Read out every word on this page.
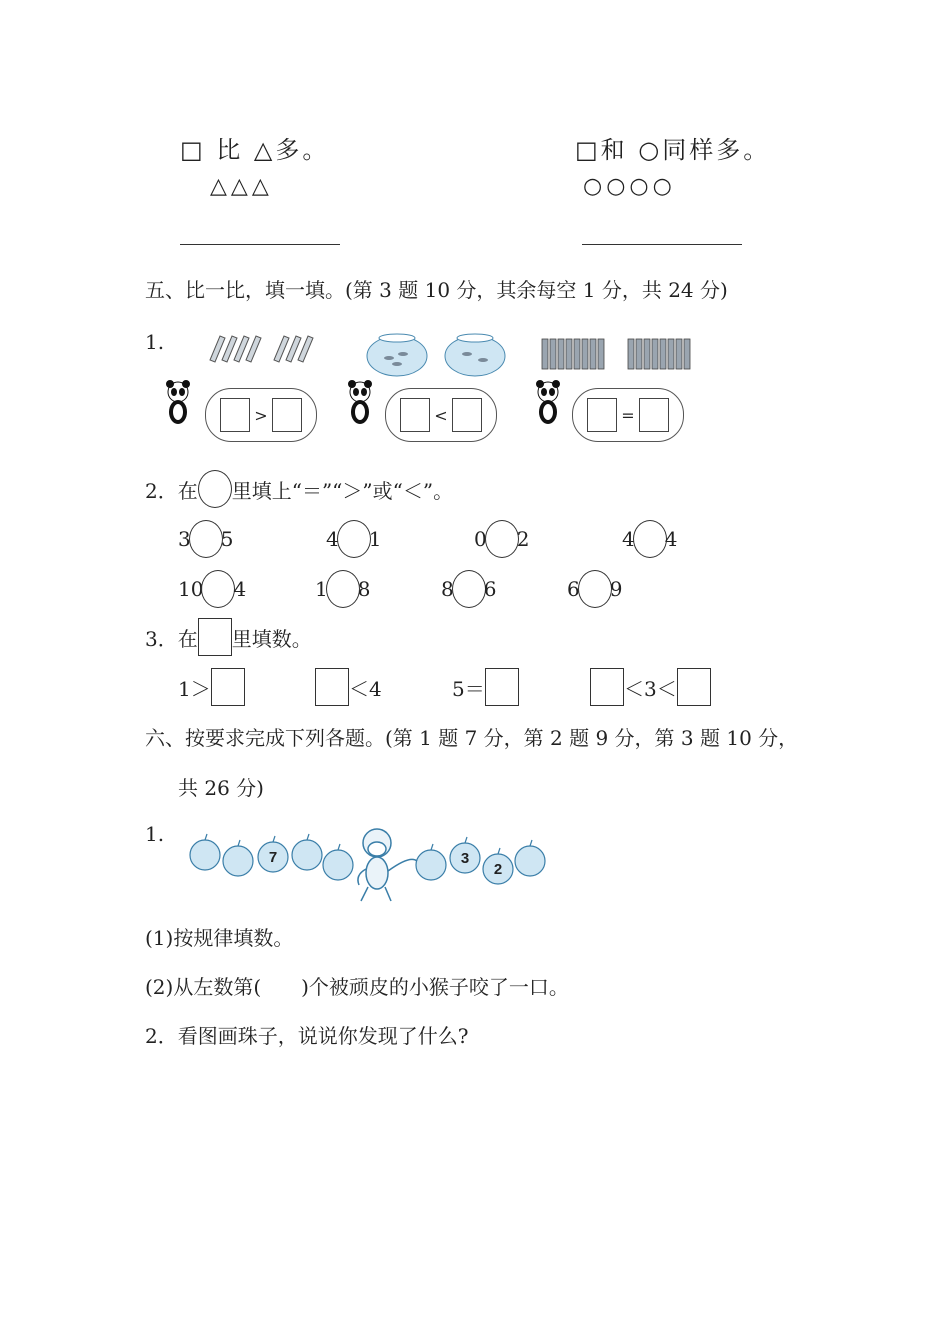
□ 比 △多。
△△△
□和 ○同样多。
○○○○
五、比一比，填一填。(第 3 题 10 分，其余每空 1 分，共 24 分)
1.
>	<	=
2．在 里填上“＝”“＞”或“＜”。
3 5	4 1	0 2	4 4
10 4	1 8	8 6	6 9
3．在 里填数。
1＞	＜4	5＝	＜3＜
六、按要求完成下列各题。(第 1 题 7 分，第 2 题 9 分，第 3 题 10 分，
共 26 分)
1.
7	3
2
(1)按规律填数。
(2)从左数第(　　)个被顽皮的小猴子咬了一口。
2．看图画珠子，说说你发现了什么?
